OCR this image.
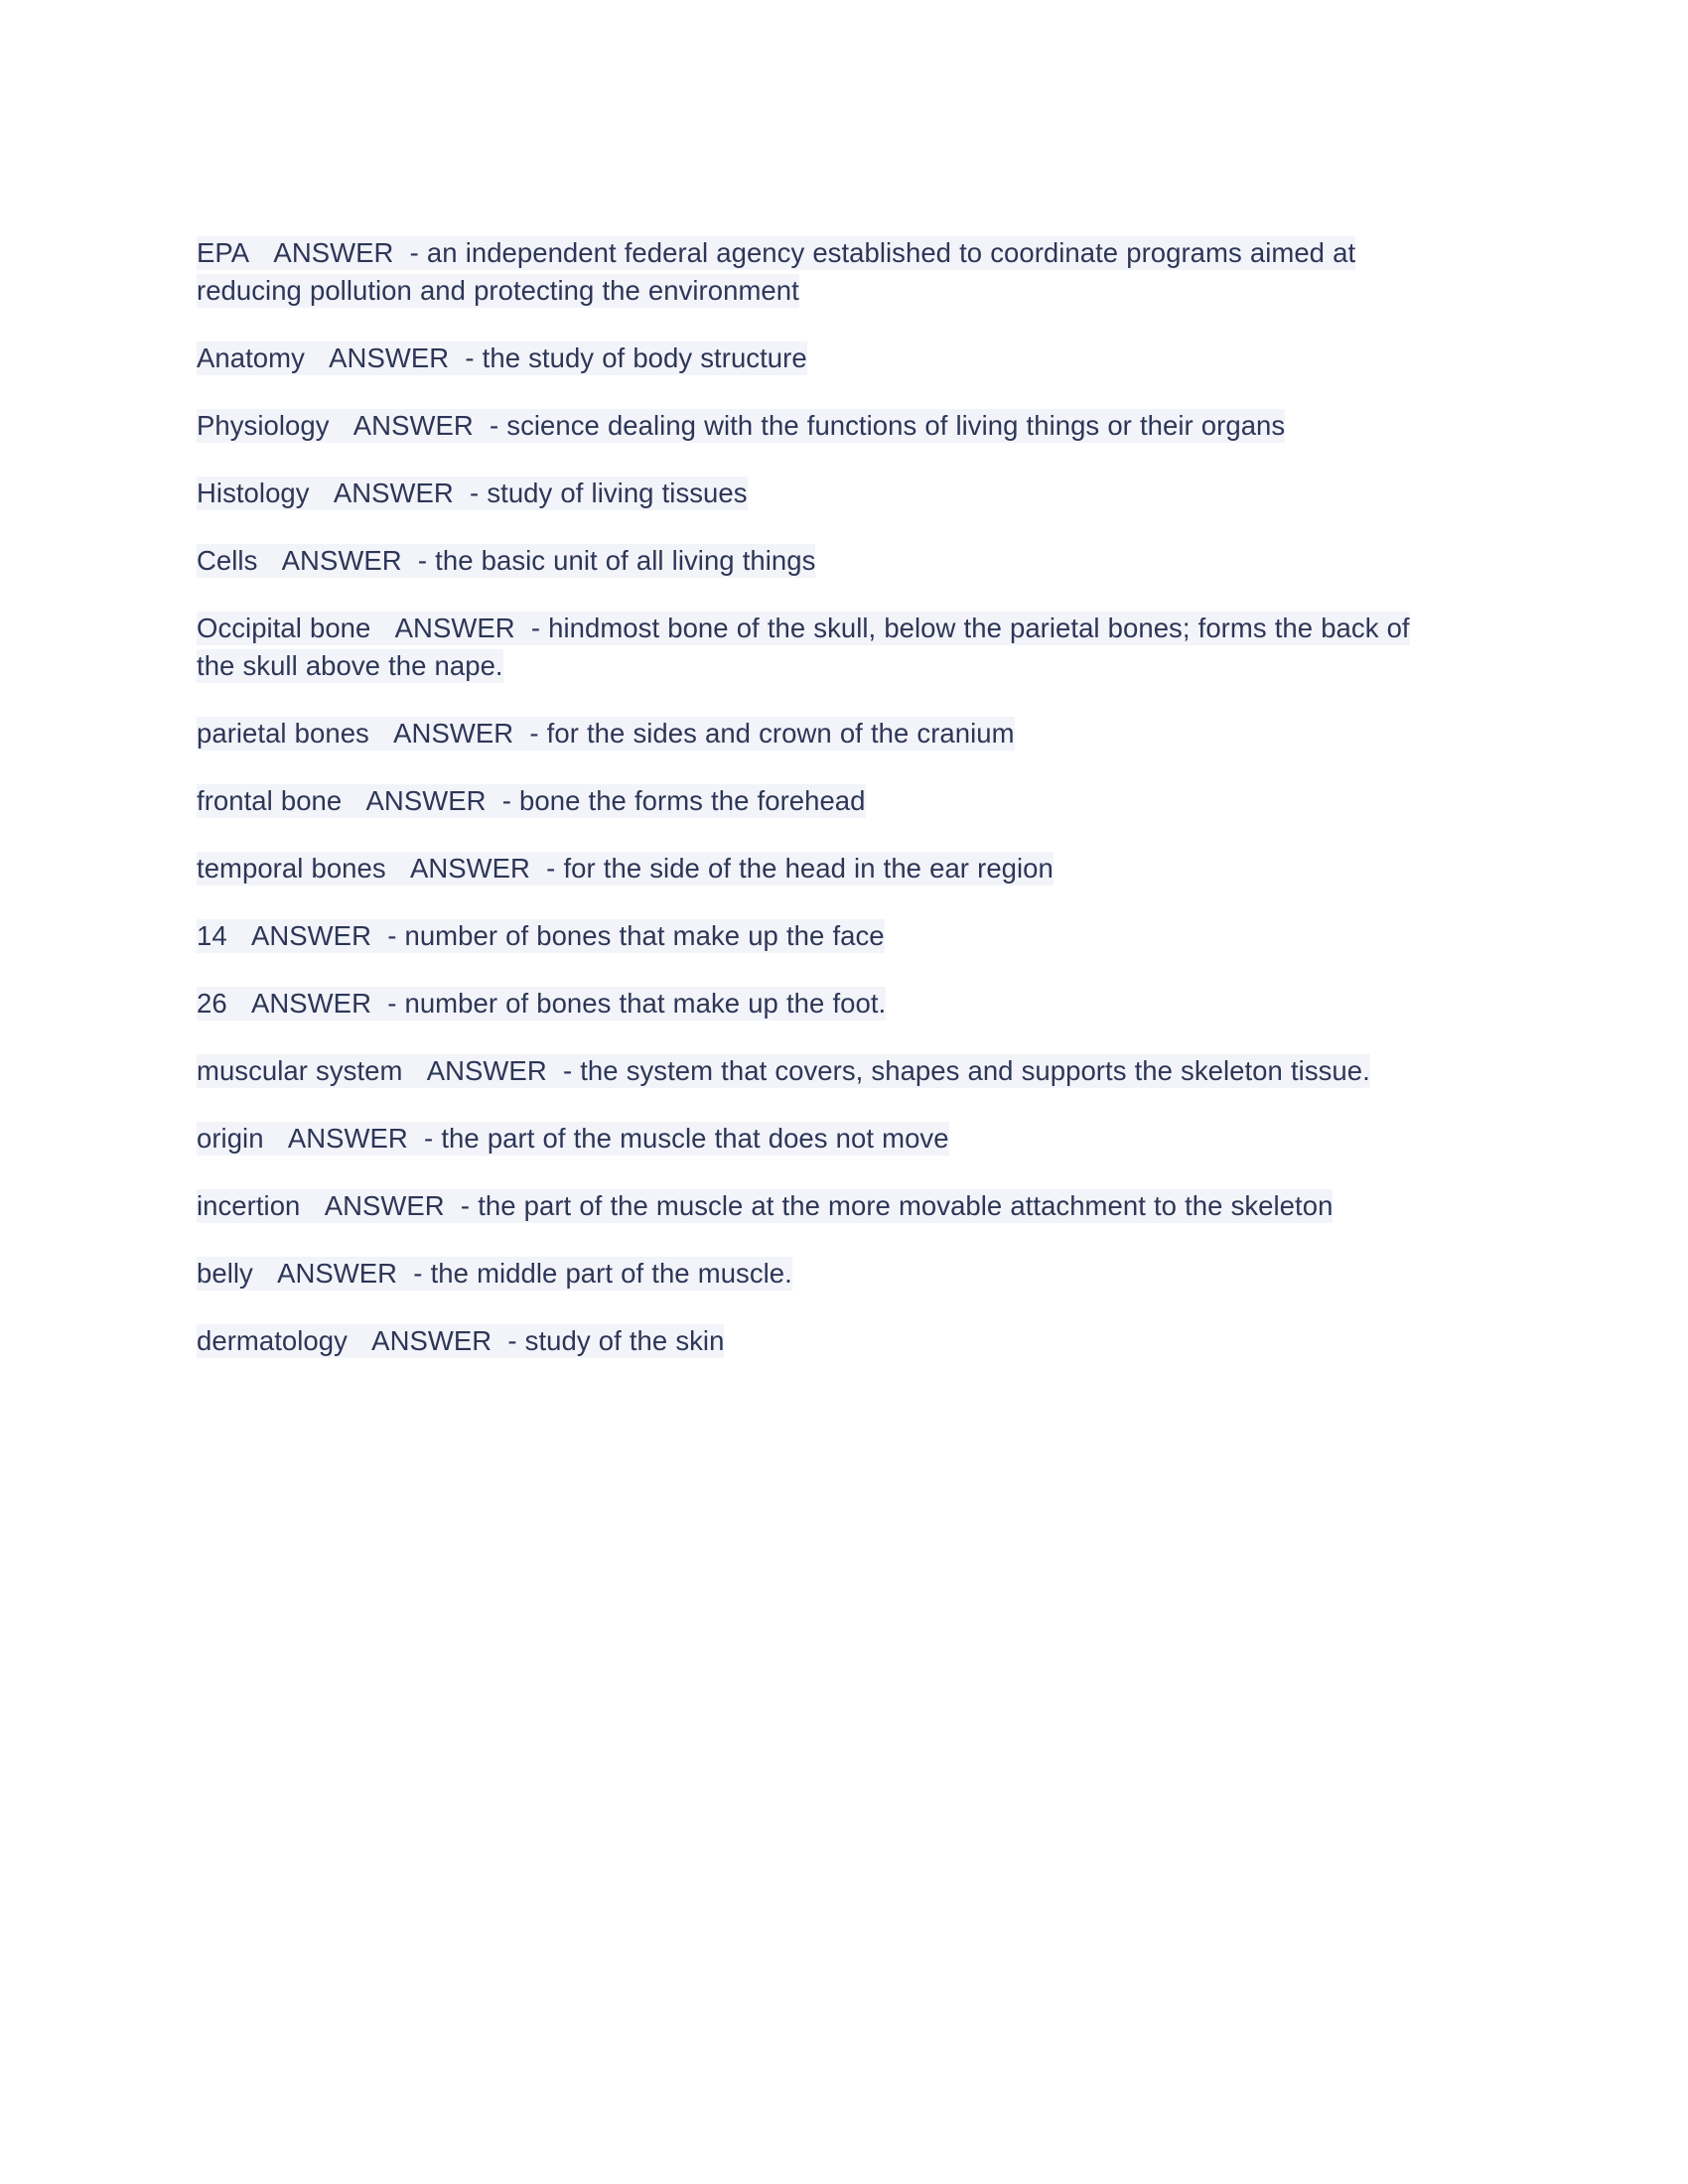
EPA ANSWER - an independent federal agency established to coordinate programs aimed at reducing pollution and protecting the environment

Anatomy ANSWER - the study of body structure

Physiology ANSWER - science dealing with the functions of living things or their organs

Histology ANSWER - study of living tissues

Cells ANSWER - the basic unit of all living things

Occipital bone ANSWER - hindmost bone of the skull, below the parietal bones; forms the back of the skull above the nape.

parietal bones ANSWER - for the sides and crown of the cranium

frontal bone ANSWER - bone the forms the forehead

temporal bones ANSWER - for the side of the head in the ear region

14 ANSWER - number of bones that make up the face

26 ANSWER - number of bones that make up the foot.

muscular system ANSWER - the system that covers, shapes and supports the skeleton tissue.

origin ANSWER - the part of the muscle that does not move

incertion ANSWER - the part of the muscle at the more movable attachment to the skeleton

belly ANSWER - the middle part of the muscle.

dermatology ANSWER - study of the skin
